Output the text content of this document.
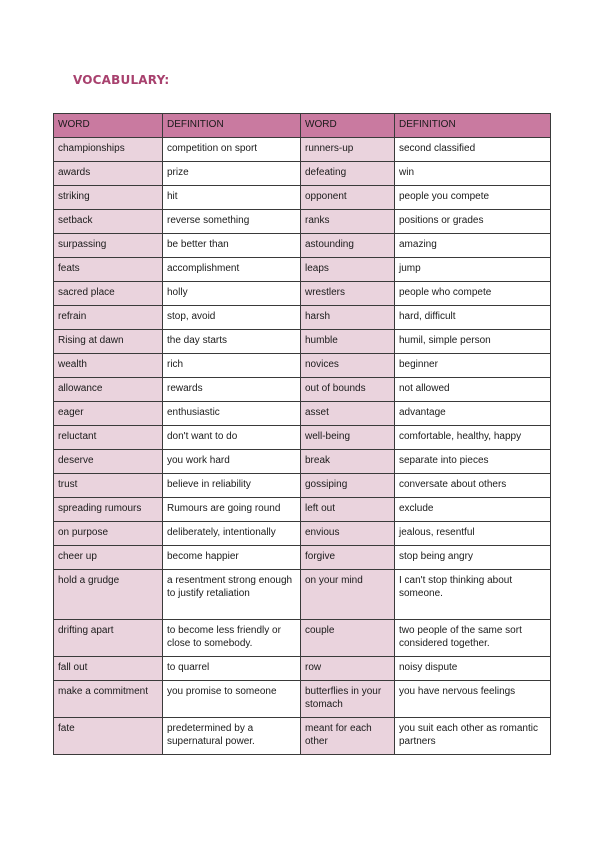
VOCABULARY:
WORD	DEFINITION	WORD	DEFINITION
championships	competition on sport	runners-up	second classified
awards	prize	defeating	win
striking	hit	opponent	people you compete
setback	reverse something	ranks	positions or grades
surpassing	be better than	astounding	amazing
feats	accomplishment	leaps	jump
sacred place	holly	wrestlers	people who compete
refrain	stop, avoid	harsh	hard, difficult
Rising at dawn	the day starts	humble	humil, simple person
wealth	rich	novices	beginner
allowance	rewards	out of bounds	not allowed
eager	enthusiastic	asset	advantage
reluctant	don't want to do	well-being	comfortable, healthy, happy
deserve	you work hard	break	separate into pieces
trust	believe in reliability	gossiping	conversate about others
spreading rumours	Rumours are going round	left out	exclude
on purpose	deliberately, intentionally	envious	jealous, resentful
cheer up	become happier	forgive	stop being angry
hold a grudge	a resentment strong enough to justify retaliation	on your mind	I can't stop thinking about someone.
drifting apart	to become less friendly or close to somebody.	couple	two people of the same sort considered together.
fall out	to quarrel	row	noisy dispute
make a commitment	you promise to someone	butterflies in your stomach	you have nervous feelings
fate	predetermined by a supernatural power.	meant for each other	you suit each other as romantic partners
